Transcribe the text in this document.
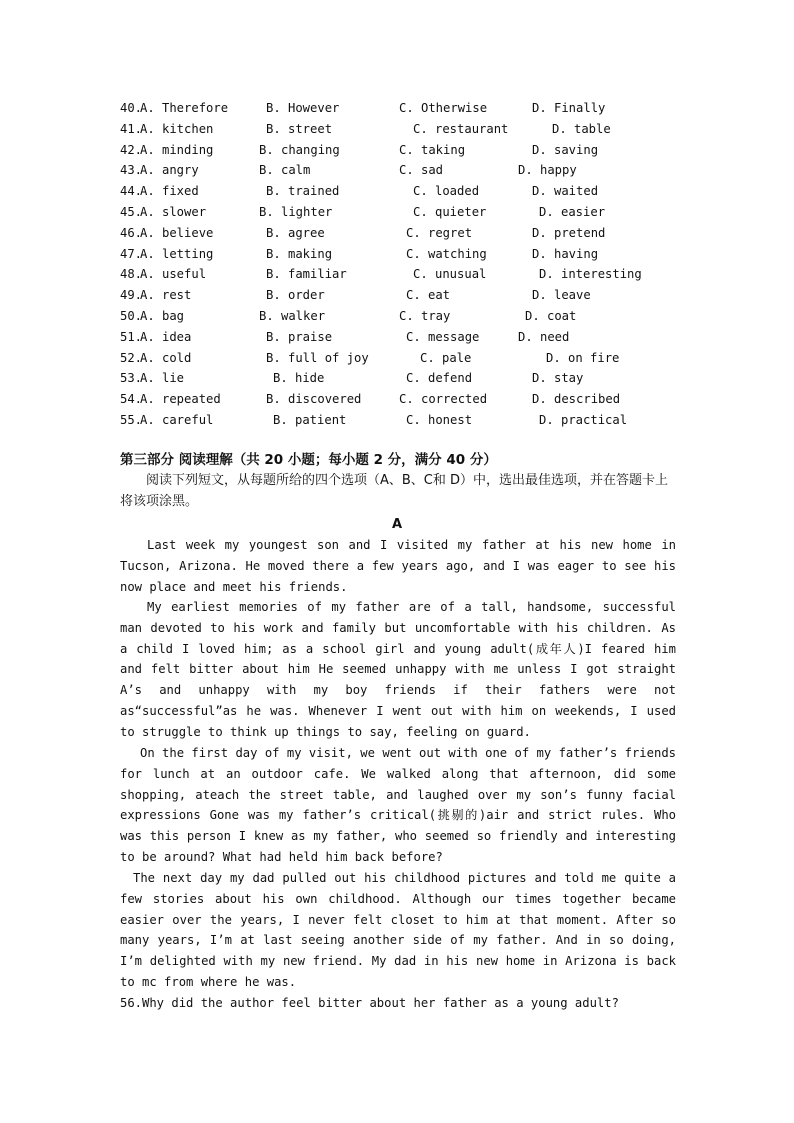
40.
A. Therefore	B. However	C. Otherwise	D. Finally
41.
A. kitchen	B. street	C. restaurant	D. table
42.
A. minding	B. changing	C. taking	D. saving
43.
A. angry	B. calm	C. sad	D. happy
44.
A. fixed	B. trained	C. loaded	D. waited
45.
A. slower	B. lighter	C. quieter	D. easier
46.
A. believe	B. agree	C. regret	D. pretend
47.
A. letting	B. making	C. watching	D. having
48.
A. useful	B. familiar	C. unusual	D. interesting
49.
A. rest	B. order	C. eat	D. leave
50.
A. bag	B. walker	C. tray	D. coat
51.
A. idea	B. praise	C. message	D. need
52.
A. cold	B. full of joy	C. pale	D. on fire
53.
A. lie	B. hide	C. defend	D. stay
54.
A. repeated	B. discovered	C. corrected	D. described
55.
A. careful	B. patient	C. honest	D. practical
第三部分 阅读理解（共 20 小题；每小题 2 分，满分 40 分）
阅读下列短文，从每题所给的四个选项（A、B、C和 D）中，选出最佳选项，并在答题卡上将该项涂黑。
A
Last week my youngest son and I visited my father at his new home in Tucson, Arizona. He moved there a few years ago, and I was eager to see his now place and meet his friends.
My earliest memories of my father are of a tall, handsome, successful man devoted to his work and family but uncomfortable with his children. As a child I loved him; as a school girl and young adult(成年人)I feared him and felt bitter about him He seemed unhappy with me unless I got straight A’s and unhappy with my boy friends if their fathers were not as“successful”as he was. Whenever I went out with him on weekends, I used to struggle to think up things to say, feeling on guard.
On the first day of my visit, we went out with one of my father’s friends for lunch at an outdoor cafe. We walked along that afternoon, did some shopping, ateach the street table, and laughed over my son’s funny facial expressions Gone was my father’s critical(挑剔的)air and strict rules. Who was this person I knew as my father, who seemed so friendly and interesting to be around? What had held him back before?
The next day my dad pulled out his childhood pictures and told me quite a few stories about his own childhood. Although our times together became easier over the years, I never felt closet to him at that moment. After so many years, I’m at last seeing another side of my father. And in so doing, I’m delighted with my new friend. My dad in his new home in Arizona is back to mc from where he was.
56.Why did the author feel bitter about her father as a young adult?
